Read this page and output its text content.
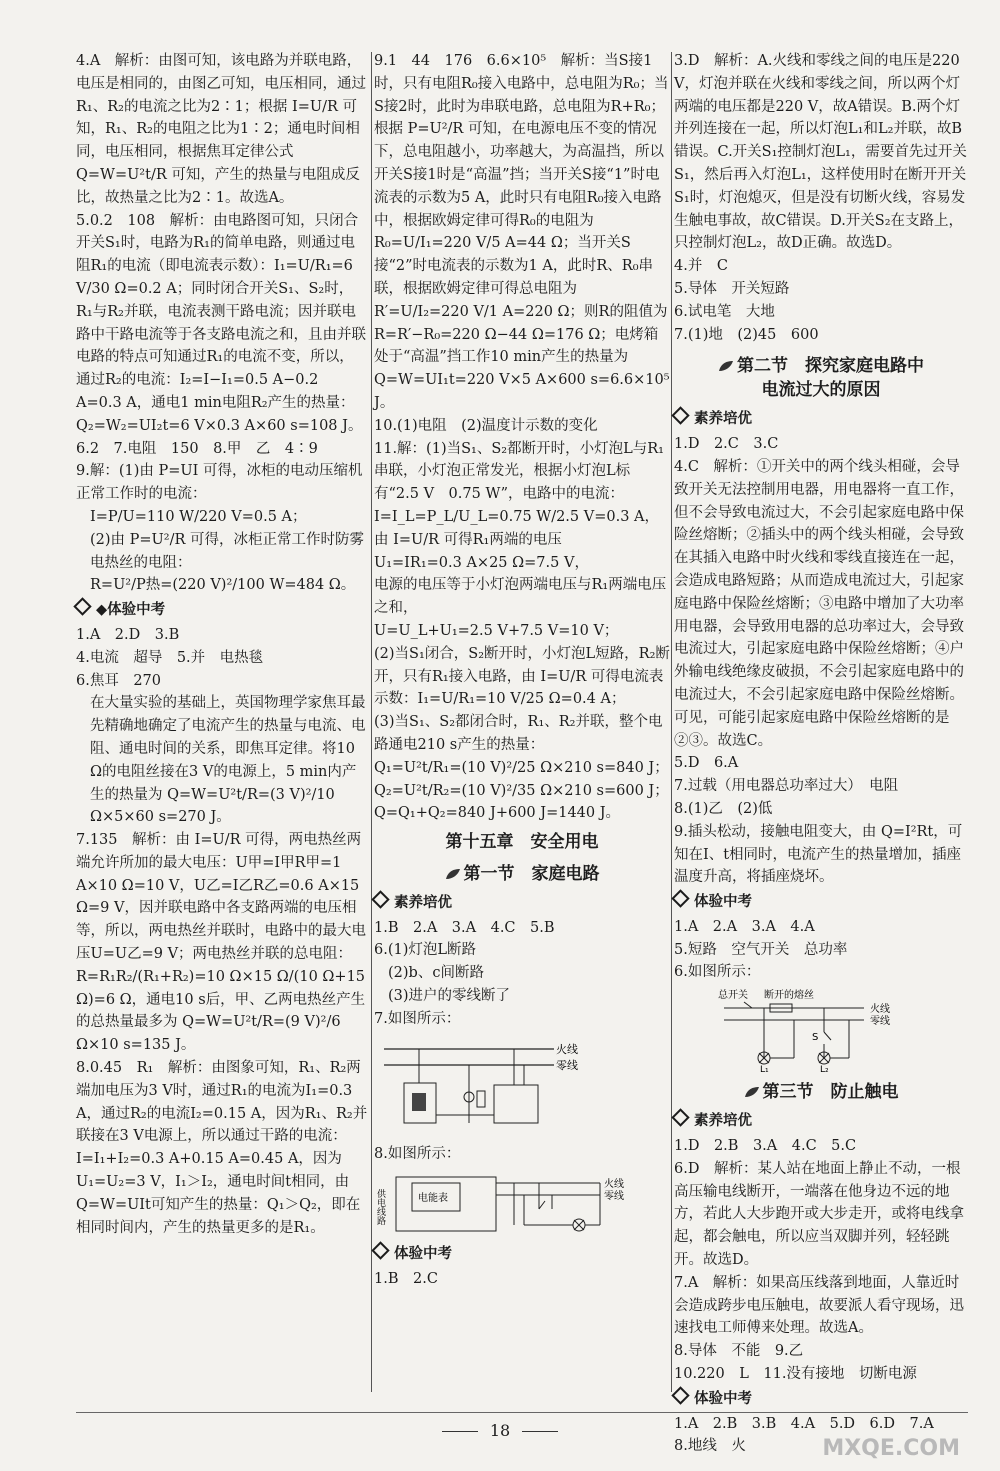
4.A　解析：由图可知，该电路为并联电路，电压是相同的，由图乙可知，电压相同，通过R₁、R₂的电流之比为2∶1；根据 I=U/R 可知，R₁、R₂的电阻之比为1∶2；通电时间相同，电压相同，根据焦耳定律公式 Q=W=U²t/R 可知，产生的热量与电阻成反比，故热量之比为2∶1。故选A。

5.0.2　108　解析：由电路图可知，只闭合开关S₁时，电路为R₁的简单电路，则通过电阻R₁的电流（即电流表示数）：I₁=U/R₁=6 V/30 Ω=0.2 A；同时闭合开关S₁、S₂时，R₁与R₂并联，电流表测干路电流；因并联电路中干路电流等于各支路电流之和，且由并联电路的特点可知通过R₁的电流不变，所以，通过R₂的电流：I₂=I−I₁=0.5 A−0.2 A=0.3 A，通电1 min电阻R₂产生的热量：Q₂=W₂=UI₂t=6 V×0.3 A×60 s=108 J。

6.2　7.电阻　150　8.甲　乙　4∶9

9.解：(1)由 P=UI 可得，冰柜的电动压缩机正常工作时的电流：

I=P/U=110 W/220 V=0.5 A；

(2)由 P=U²/R 可得，冰柜正常工作时防雾电热丝的电阻：

R=U²/P热=(220 V)²/100 W=484 Ω。

◆体验中考

1.A　2.D　3.B

4.电流　超导　5.并　电热毯

6.焦耳　270

在大量实验的基础上，英国物理学家焦耳最先精确地确定了电流产生的热量与电流、电阻、通电时间的关系，即焦耳定律。将10 Ω的电阻丝接在3 V的电源上，5 min内产生的热量为 Q=W=U²t/R=(3 V)²/10 Ω×5×60 s=270 J。

7.135　解析：由 I=U/R 可得，两电热丝两端允许所加的最大电压：U甲=I甲R甲=1 A×10 Ω=10 V，U乙=I乙R乙=0.6 A×15 Ω=9 V，因并联电路中各支路两端的电压相等，所以，两电热丝并联时，电路中的最大电压U=U乙=9 V；两电热丝并联的总电阻：R=R₁R₂/(R₁+R₂)=10 Ω×15 Ω/(10 Ω+15 Ω)=6 Ω，通电10 s后，甲、乙两电热丝产生的总热量最多为 Q=W=U²t/R=(9 V)²/6 Ω×10 s=135 J。

8.0.45　R₁　解析：由图象可知，R₁、R₂两端加电压为3 V时，通过R₁的电流为I₁=0.3 A，通过R₂的电流I₂=0.15 A，因为R₁、R₂并联接在3 V电源上，所以通过干路的电流：I=I₁+I₂=0.3 A+0.15 A=0.45 A，因为U₁=U₂=3 V，I₁＞I₂，通电时间t相同，由Q=W=UIt可知产生的热量：Q₁＞Q₂，即在相同时间内，产生的热量更多的是R₁。

9.1　44　176　6.6×10⁵　解析：当S接1时，只有电阻R₀接入电路中，总电阻为R₀；当S接2时，此时为串联电路，总电阻为R+R₀；根据 P=U²/R 可知，在电源电压不变的情况下，总电阻越小，功率越大，为高温挡，所以开关S接1时是“高温”挡；当开关S接“1”时电流表的示数为5 A，此时只有电阻R₀接入电路中，根据欧姆定律可得R₀的电阻为 R₀=U/I₁=220 V/5 A=44 Ω；当开关S接“2”时电流表的示数为1 A，此时R、R₀串联，根据欧姆定律可得总电阻为 R′=U/I₂=220 V/1 A=220 Ω；则R的阻值为 R=R′−R₀=220 Ω−44 Ω=176 Ω；电烤箱处于“高温”挡工作10 min产生的热量为 Q=W=UI₁t=220 V×5 A×600 s=6.6×10⁵ J。

10.(1)电阻　(2)温度计示数的变化

11.解：(1)当S₁、S₂都断开时，小灯泡L与R₁串联，小灯泡正常发光，根据小灯泡L标有“2.5 V　0.75 W”，电路中的电流：

I=I_L=P_L/U_L=0.75 W/2.5 V=0.3 A，

由 I=U/R 可得R₁两端的电压

U₁=IR₁=0.3 A×25 Ω=7.5 V，

电源的电压等于小灯泡两端电压与R₁两端电压之和，

U=U_L+U₁=2.5 V+7.5 V=10 V；

(2)当S₁闭合，S₂断开时，小灯泡L短路，R₂断开，只有R₁接入电路，由 I=U/R 可得电流表示数：I₁=U/R₁=10 V/25 Ω=0.4 A；

(3)当S₁、S₂都闭合时，R₁、R₂并联，整个电路通电210 s产生的热量：

Q₁=U²t/R₁=(10 V)²/25 Ω×210 s=840 J；

Q₂=U²t/R₂=(10 V)²/35 Ω×210 s=600 J；

Q=Q₁+Q₂=840 J+600 J=1440 J。

第十五章　安全用电
第一节　家庭电路
素养培优

1.B　2.A　3.A　4.C　5.B

6.(1)灯泡L断路

(2)b、c间断路

(3)进户的零线断了

7.如图所示：

火线
零线

8.如图所示：

供电线路	电能表
火线
零线
体验中考

1.B　2.C

3.D　解析：A.火线和零线之间的电压是220 V，灯泡并联在火线和零线之间，所以两个灯两端的电压都是220 V，故A错误。B.两个灯并列连接在一起，所以灯泡L₁和L₂并联，故B错误。C.开关S₁控制灯泡L₁，需要首先过开关S₁，然后再入灯泡L₁，这样使用时在断开开关S₁时，灯泡熄灭，但是没有切断火线，容易发生触电事故，故C错误。D.开关S₂在支路上，只控制灯泡L₂，故D正确。故选D。

4.并　C

5.导体　开关短路

6.试电笔　大地

7.(1)地　(2)45　600

第二节　探究家庭电路中
电流过大的原因
素养培优

1.D　2.C　3.C

4.C　解析：①开关中的两个线头相碰，会导致开关无法控制用电器，用电器将一直工作，但不会导致电流过大，不会引起家庭电路中保险丝熔断；②插头中的两个线头相碰，会导致在其插入电路中时火线和零线直接连在一起，会造成电路短路；从而造成电流过大，引起家庭电路中保险丝熔断；③电路中增加了大功率用电器，会导致用电器的总功率过大，会导致电流过大，引起家庭电路中保险丝熔断；④户外输电线绝缘皮破损，不会引起家庭电路中的电流过大，不会引起家庭电路中保险丝熔断。可见，可能引起家庭电路中保险丝熔断的是②③。故选C。

5.D　6.A

7.过载（用电器总功率过大）　电阻

8.(1)乙　(2)低

9.插头松动，接触电阻变大，由 Q=I²Rt，可知在I、t相同时，电流产生的热量增加，插座温度升高，将插座烧坏。

体验中考

1.A　2.A　3.A　4.A

5.短路　空气开关　总功率

6.如图所示：

总开关 断开的熔丝
火线
零线
S
L₁	L₂
第三节　防止触电
素养培优

1.D　2.B　3.A　4.C　5.C

6.D　解析：某人站在地面上静止不动，一根高压输电线断开，一端落在他身边不远的地方，若此人大步跑开或大步走开，或将电线拿起，都会触电，所以应当双脚并列，轻轻跳开。故选D。

7.A　解析：如果高压线落到地面，人靠近时会造成跨步电压触电，故要派人看守现场，迅速找电工师傅来处理。故选A。

8.导体　不能　9.乙

10.220　L　11.没有接地　切断电源

体验中考

1.A　2.B　3.B　4.A　5.D　6.D　7.A

8.地线　火

18
MXQE.COM
